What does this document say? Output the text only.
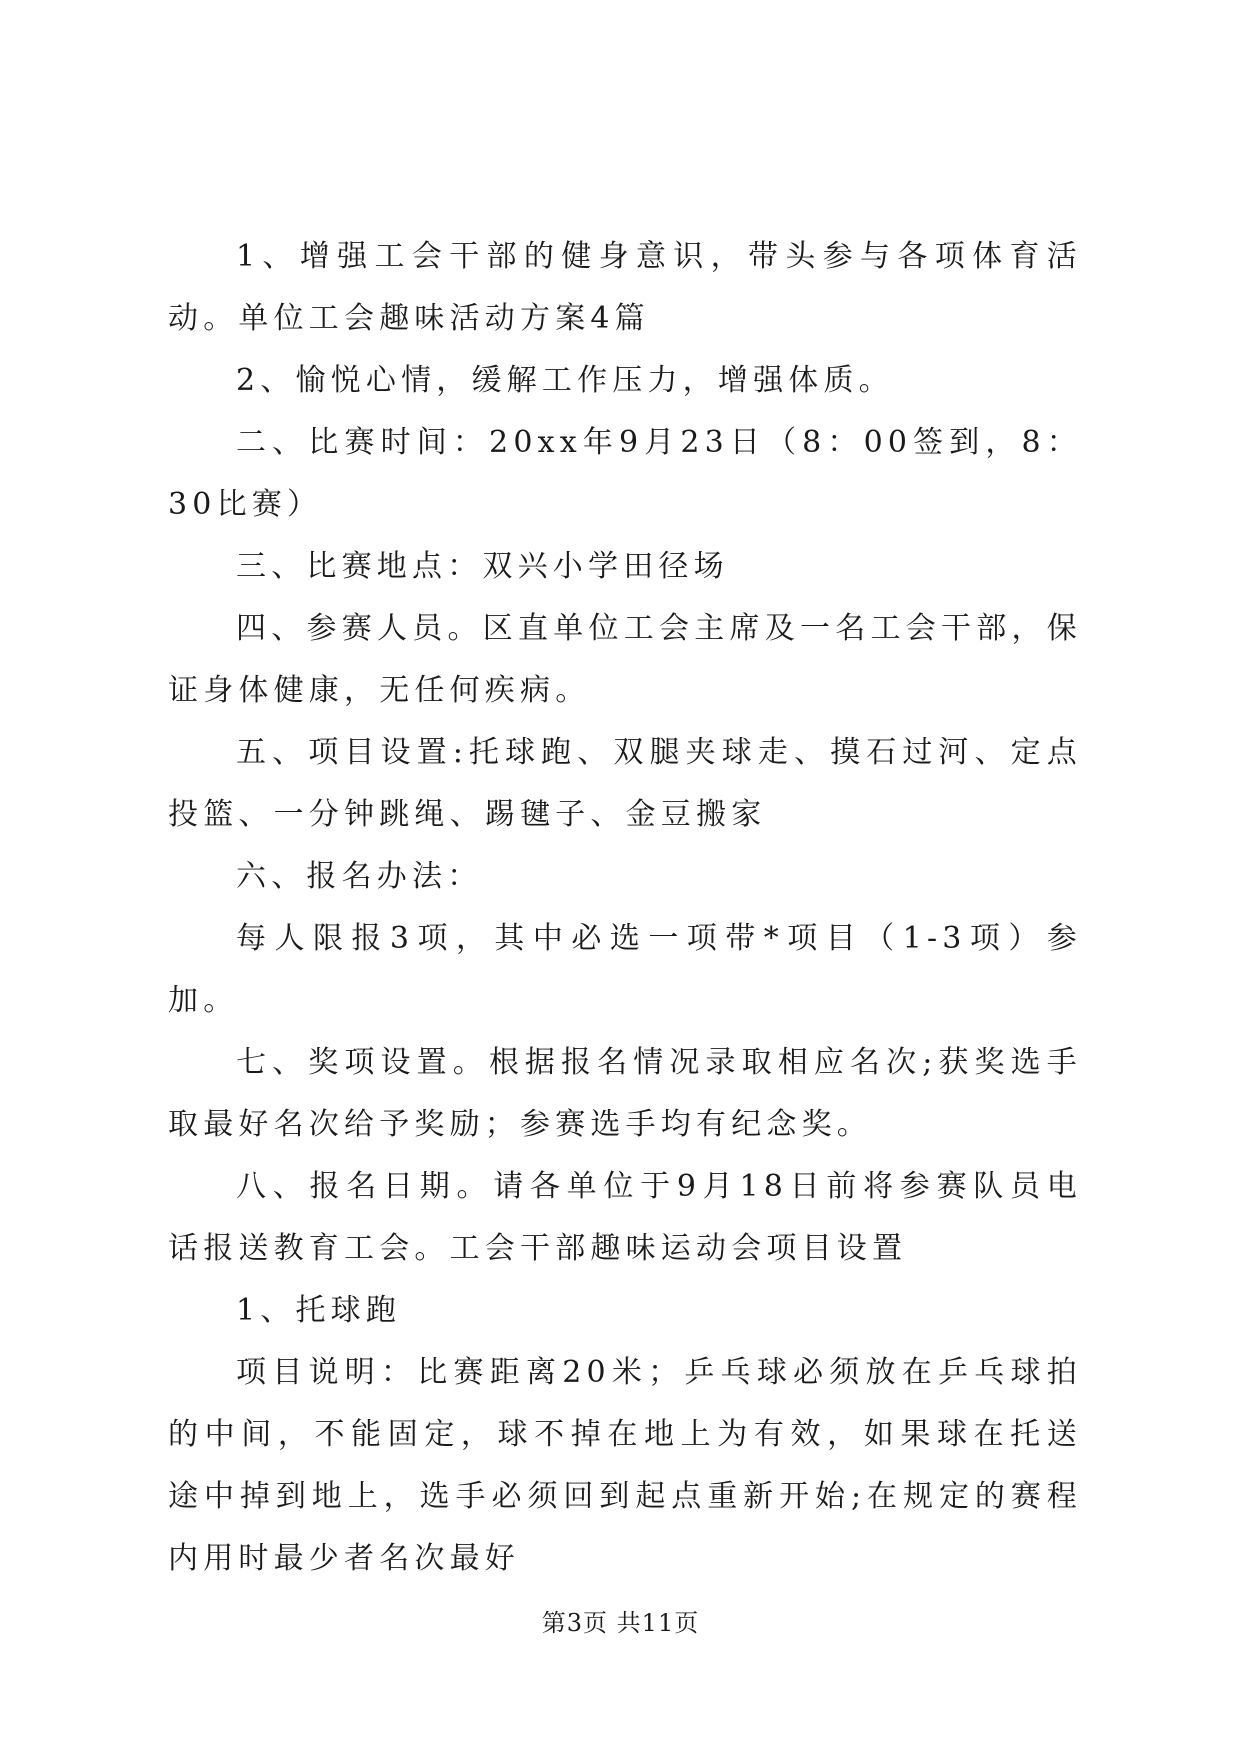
1、增强工会干部的健身意识，带头参与各项体育活动。单位工会趣味活动方案4篇

2、愉悦心情，缓解工作压力，增强体质。

二、比赛时间：20xx年9月23日（8：00签到，8：30比赛）

三、比赛地点：双兴小学田径场

四、参赛人员。区直单位工会主席及一名工会干部，保证身体健康，无任何疾病。

五、项目设置:托球跑、双腿夹球走、摸石过河、定点投篮、一分钟跳绳、踢毽子、金豆搬家

六、报名办法：

每人限报3项，其中必选一项带*项目（1-3项）参加。

七、奖项设置。根据报名情况录取相应名次;获奖选手取最好名次给予奖励；参赛选手均有纪念奖。

八、报名日期。请各单位于9月18日前将参赛队员电话报送教育工会。工会干部趣味运动会项目设置

1、托球跑

项目说明：比赛距离20米；乒乓球必须放在乒乓球拍的中间，不能固定，球不掉在地上为有效，如果球在托送途中掉到地上，选手必须回到起点重新开始;在规定的赛程内用时最少者名次最好

第3页 共11页
